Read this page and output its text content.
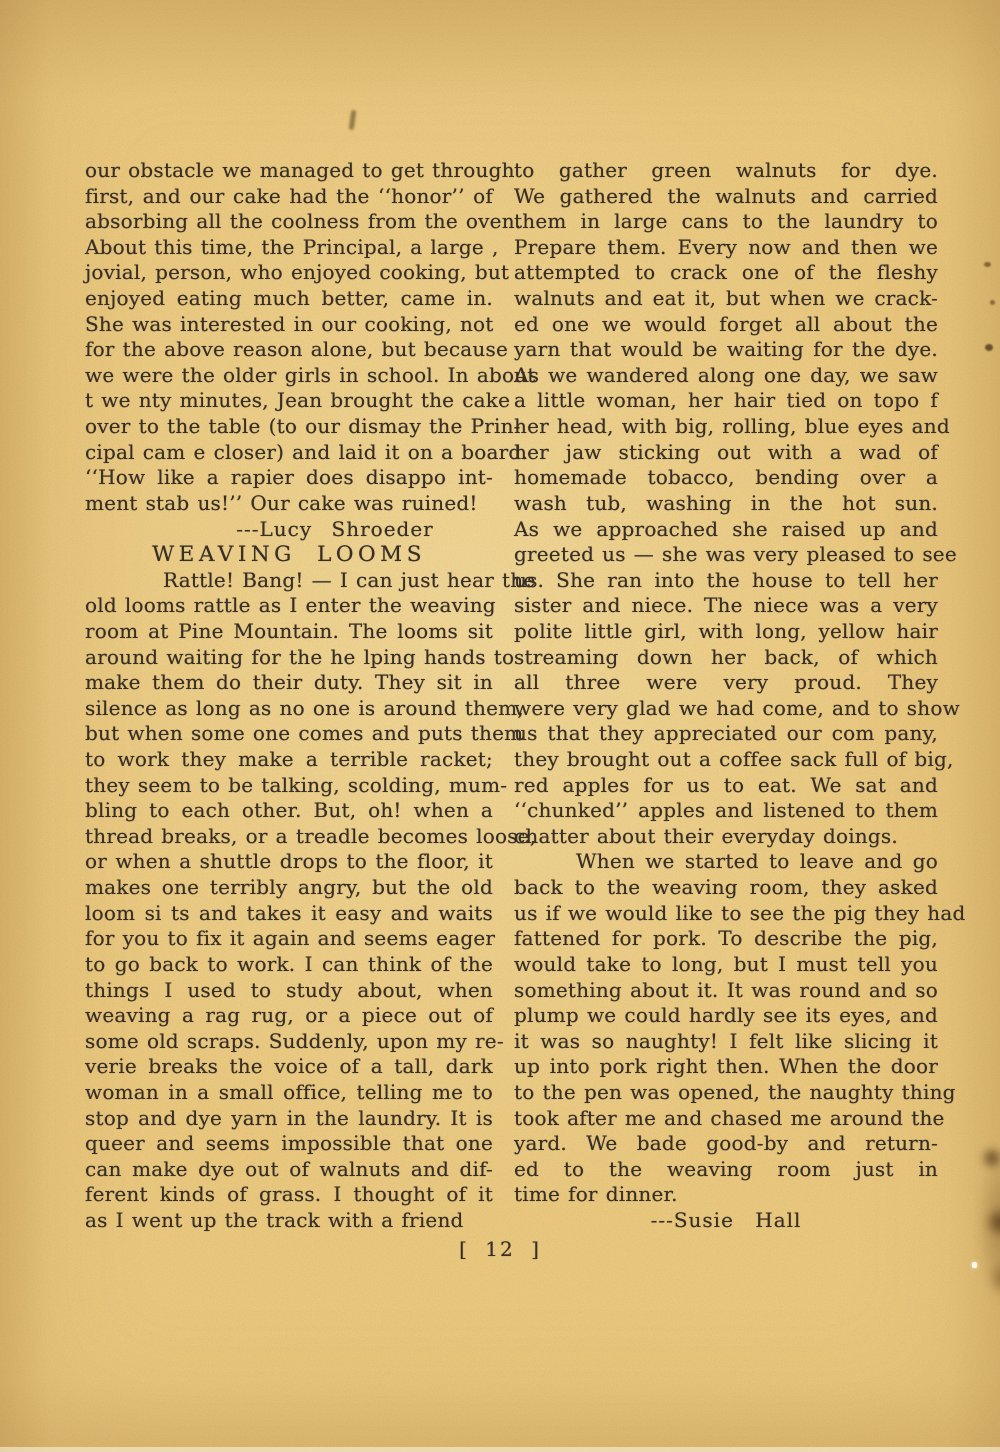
our obstacle we managed to get through
first, and our cake had the ‘‘honor’’ of
absorbing all the coolness from the oven.
About this time, the Principal, a large ,
jovial, person, who enjoyed cooking, but
enjoyed eating much better, came in.
She was interested in our cooking, not
for the above reason alone, but because
we were the older girls in school. In about
t we nty minutes, Jean brought the cake
over to the table (to our dismay the Prin-
cipal cam e closer) and laid it on a board.
‘‘How like a rapier does disappo int-
ment stab us!’’ Our cake was ruined!
---Lucy Shroeder
WEAVING LOOMS
Rattle! Bang! — I can just hear the
old looms rattle as I enter the weaving
room at Pine Mountain. The looms sit
around waiting for the he lping hands to
make them do their duty. They sit in
silence as long as no one is around them,
but when some one comes and puts them
to work they make a terrible racket;
they seem to be talking, scolding, mum-
bling to each other. But, oh! when a
thread breaks, or a treadle becomes loose,
or when a shuttle drops to the floor, it
makes one terribly angry, but the old
loom si ts and takes it easy and waits
for you to fix it again and seems eager
to go back to work. I can think of the
things I used to study about, when
weaving a rag rug, or a piece out of
some old scraps. Suddenly, upon my re-
verie breaks the voice of a tall, dark
woman in a small office, telling me to
stop and dye yarn in the laundry. It is
queer and seems impossible that one
can make dye out of walnuts and dif-
ferent kinds of grass. I thought of it
as I went up the track with a friend
to gather green walnuts for dye.
We gathered the walnuts and carried
them in large cans to the laundry to
Prepare them. Every now and then we
attempted to crack one of the fleshy
walnuts and eat it, but when we crack-
ed one we would forget all about the
yarn that would be waiting for the dye.
As we wandered along one day, we saw
a little woman, her hair tied on topo f
her head, with big, rolling, blue eyes and
her jaw sticking out with a wad of
homemade tobacco, bending over a
wash tub, washing in the hot sun.
As we approached she raised up and
greeted us — she was very pleased to see
us. She ran into the house to tell her
sister and niece. The niece was a very
polite little girl, with long, yellow hair
streaming down her back, of which
all three were very proud. They
were very glad we had come, and to show
us that they appreciated our com pany,
they brought out a coffee sack full of big,
red apples for us to eat. We sat and
‘‘chunked’’ apples and listened to them
chatter about their everyday doings.
When we started to leave and go
back to the weaving room, they asked
us if we would like to see the pig they had
fattened for pork. To describe the pig,
would take to long, but I must tell you
something about it. It was round and so
plump we could hardly see its eyes, and
it was so naughty! I felt like slicing it
up into pork right then. When the door
to the pen was opened, the naughty thing
took after me and chased me around the
yard. We bade good-by and return-
ed to the weaving room just in
time for dinner.
---Susie Hall
[ 12 ]
